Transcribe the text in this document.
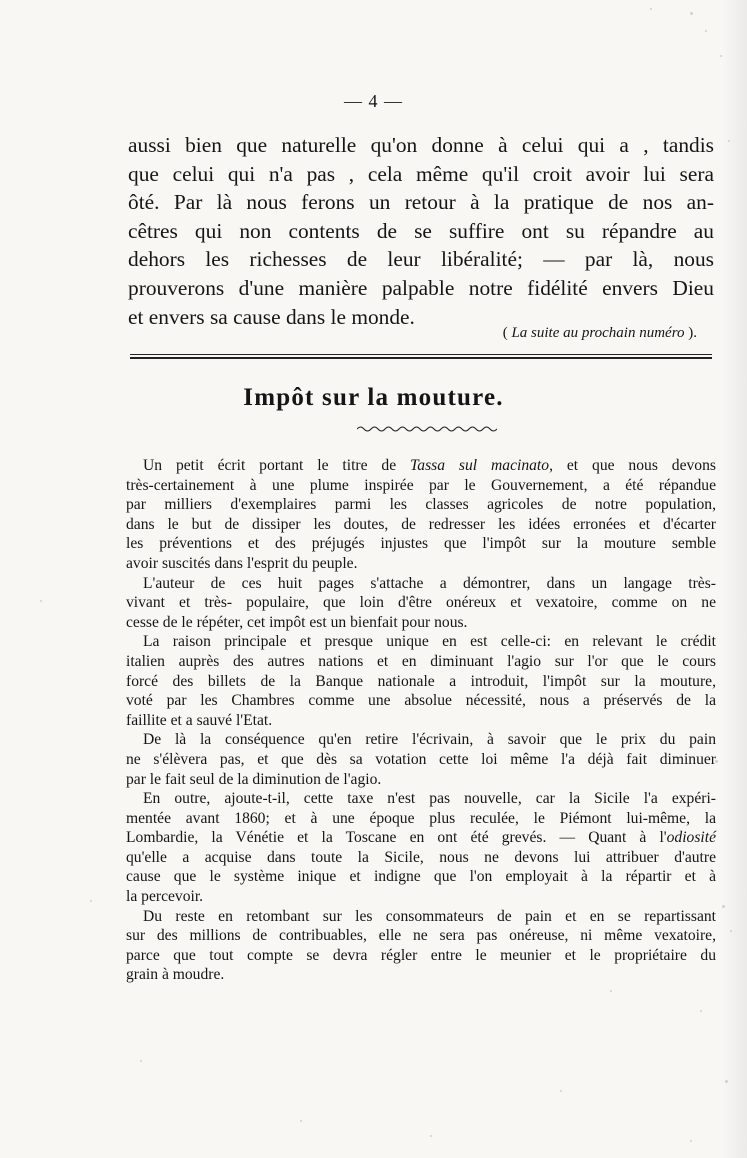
— 4 —
aussi bien que naturelle qu'on donne à celui qui a , tandis
que celui qui n'a pas , cela même qu'il croit avoir lui sera
ôté. Par là nous ferons un retour à la pratique de nos an-
cêtres qui non contents de se suffire ont su répandre au
dehors les richesses de leur libéralité; — par là, nous
prouverons d'une manière palpable notre fidélité envers Dieu
et envers sa cause dans le monde.
( La suite au prochain numéro ).
Impôt sur la mouture.
Un petit écrit portant le titre de Tassa sul macinato, et que nous devons
très-certainement à une plume inspirée par le Gouvernement, a été répandue
par milliers d'exemplaires parmi les classes agricoles de notre population,
dans le but de dissiper les doutes, de redresser les idées erronées et d'écarter
les préventions et des préjugés injustes que l'impôt sur la mouture semble
avoir suscités dans l'esprit du peuple.
L'auteur de ces huit pages s'attache a démontrer, dans un langage très-
vivant et très- populaire, que loin d'être onéreux et vexatoire, comme on ne
cesse de le répéter, cet impôt est un bienfait pour nous.
La raison principale et presque unique en est celle-ci: en relevant le crédit
italien auprès des autres nations et en diminuant l'agio sur l'or que le cours
forcé des billets de la Banque nationale a introduit, l'impôt sur la mouture,
voté par les Chambres comme une absolue nécessité, nous a préservés de la
faillite et a sauvé l'Etat.
De là la conséquence qu'en retire l'écrivain, à savoir que le prix du pain
ne s'élèvera pas, et que dès sa votation cette loi même l'a déjà fait diminuer
par le fait seul de la diminution de l'agio.
En outre, ajoute-t-il, cette taxe n'est pas nouvelle, car la Sicile l'a expéri-
mentée avant 1860; et à une époque plus reculée, le Piémont lui-même, la
Lombardie, la Vénétie et la Toscane en ont été grevés. — Quant à l'odiosité
qu'elle a acquise dans toute la Sicile, nous ne devons lui attribuer d'autre
cause que le système inique et indigne que l'on employait à la répartir et à
la percevoir.
Du reste en retombant sur les consommateurs de pain et en se repartissant
sur des millions de contribuables, elle ne sera pas onéreuse, ni même vexatoire,
parce que tout compte se devra régler entre le meunier et le propriétaire du
grain à moudre.
